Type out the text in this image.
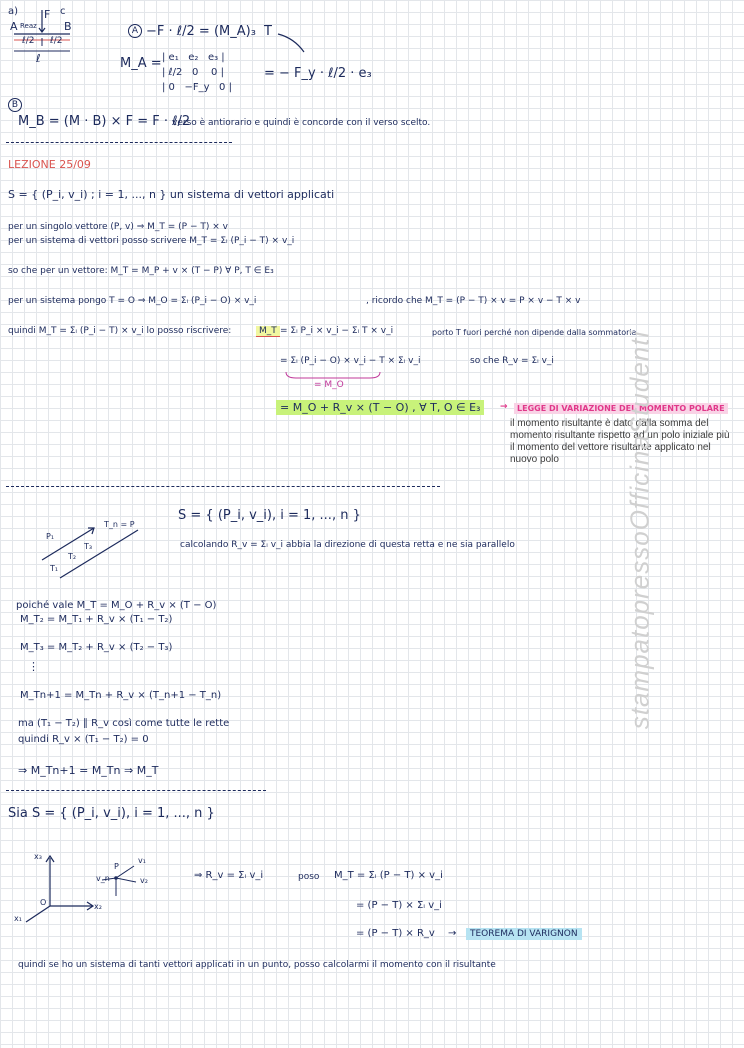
Reaz
a)
A
F
B
c
ℓ/2 ℓ/2
ℓ
A −F · ℓ/2 = (M_A)₃ T
M_A = | e₁   e₂   e₃ |
| ℓ/2   0    0 |
| 0   −F_y   0 |
= − F_y · ℓ/2 · e₃
B
M_B = (M · B) × F = F · ℓ/2
verso è antiorario e quindi è concorde con il verso scelto.
LEZIONE 25/09
S = { (P_i, v_i) ; i = 1, ..., n } un sistema di vettori applicati
per un singolo vettore (P, v) ⇒ M_T = (P − T) × v
per un sistema di vettori posso scrivere M_T = Σᵢ (P_i − T) × v_i
so che per un vettore: M_T = M_P + v × (T − P) ∀ P, T ∈ E₃
per un sistema pongo T = O ⇒ M_O = Σᵢ (P_i − O) × v_i	, ricordo che M_T = (P − T) × v = P × v − T × v
quindi M_T = Σᵢ (P_i − T) × v_i lo posso riscrivere:	M_T = Σᵢ P_i × v_i − Σᵢ T × v_i	porto T fuori perché non dipende dalla sommatoria
= Σᵢ (P_i − O) × v_i − T × Σᵢ v_i	so che R_v = Σᵢ v_i
= M_O
= M_O + R_v × (T − O) , ∀ T, O ∈ E₃	→	LEGGE DI VARIAZIONE DEL MOMENTO POLARE
il momento risultante è dato dalla somma del
momento risultante rispetto ad un polo iniziale più
il momento del vettore risultante applicato nel
nuovo polo
S = { (P_i, v_i), i = 1, ..., n }
P₁
T₁
T₂
T₃
T_n = P
calcolando R_v = Σᵢ v_i abbia la direzione di questa retta e ne sia parallelo
poiché vale M_T = M_O + R_v × (T − O)
M_T₂ = M_T₁ + R_v × (T₁ − T₂)
M_T₃ = M_T₂ + R_v × (T₂ − T₃)
⋮
M_Tn+1 = M_Tn + R_v × (T_n+1 − T_n)
ma (T₁ − T₂) ∥ R_v così come tutte le rette
quindi R_v × (T₁ − T₂) = 0
⇒ M_Tn+1 = M_Tn ⇒ M_T
Sia S = { (P_i, v_i), i = 1, ..., n }
x₃
x₂
x₁
O
P
v₁
v₂
v_n	⇒ R_v = Σᵢ v_i	poso M_T = Σᵢ (P − T) × v_i
= (P − T) × Σᵢ v_i
= (P − T) × R_v →	TEOREMA DI VARIGNON
quindi se ho un sistema di tanti vettori applicati in un punto, posso calcolarmi il momento con il risultante
stampatopressoOfficinaStudenti
